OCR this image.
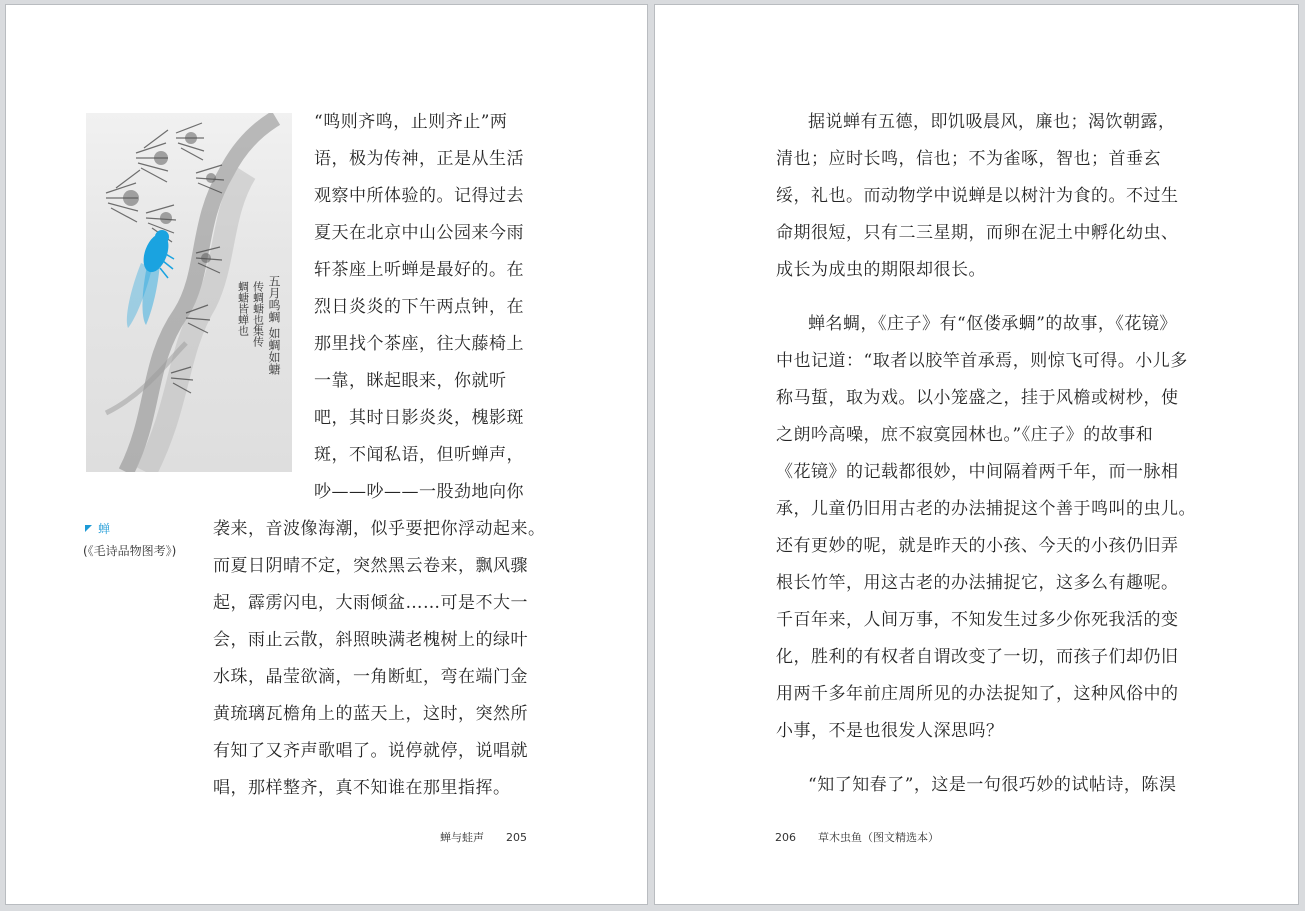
五月鸣蜩 如蜩如螗
传蜩螗也集传
蜩螗皆蝉也
“鸣则齐鸣，止则齐止”两
语，极为传神，正是从生活
观察中所体验的。记得过去
夏天在北京中山公园来今雨
轩茶座上听蝉是最好的。在
烈日炎炎的下午两点钟，在
那里找个茶座，往大藤椅上
一靠，眯起眼来，你就听
吧，其时日影炎炎，槐影斑
斑，不闻私语，但听蝉声，
吵——吵——一股劲地向你
袭来，音波像海潮，似乎要把你浮动起来。
而夏日阴晴不定，突然黑云卷来，飘风骤
起，霹雳闪电，大雨倾盆……可是不大一
会，雨止云散，斜照映满老槐树上的绿叶
水珠，晶莹欲滴，一角断虹，弯在端门金
黄琉璃瓦檐角上的蓝天上，这时，突然所
有知了又齐声歌唱了。说停就停，说唱就
唱，那样整齐，真不知谁在那里指挥。
蝉
(《毛诗品物图考》)
蝉与蛙声 205
据说蝉有五德，即饥吸晨风，廉也；渴饮朝露，
清也；应时长鸣，信也；不为雀啄，智也；首垂玄
绥，礼也。而动物学中说蝉是以树汁为食的。不过生
命期很短，只有二三星期，而卵在泥土中孵化幼虫、
成长为成虫的期限却很长。
蝉名蜩，《庄子》有“伛偻承蜩”的故事，《花镜》
中也记道：“取者以胶竿首承焉，则惊飞可得。小儿多
称马蜇，取为戏。以小笼盛之，挂于风檐或树杪，使
之朗吟高噪，庶不寂寞园林也。”《庄子》的故事和
《花镜》的记载都很妙，中间隔着两千年，而一脉相
承，儿童仍旧用古老的办法捕捉这个善于鸣叫的虫儿。
还有更妙的呢，就是昨天的小孩、今天的小孩仍旧弄
根长竹竿，用这古老的办法捕捉它，这多么有趣呢。
千百年来，人间万事，不知发生过多少你死我活的变
化，胜利的有权者自谓改变了一切，而孩子们却仍旧
用两千多年前庄周所见的办法捉知了，这种风俗中的
小事，不是也很发人深思吗？
“知了知春了”，这是一句很巧妙的试帖诗，陈淏
206 草木虫鱼（图文精选本）
